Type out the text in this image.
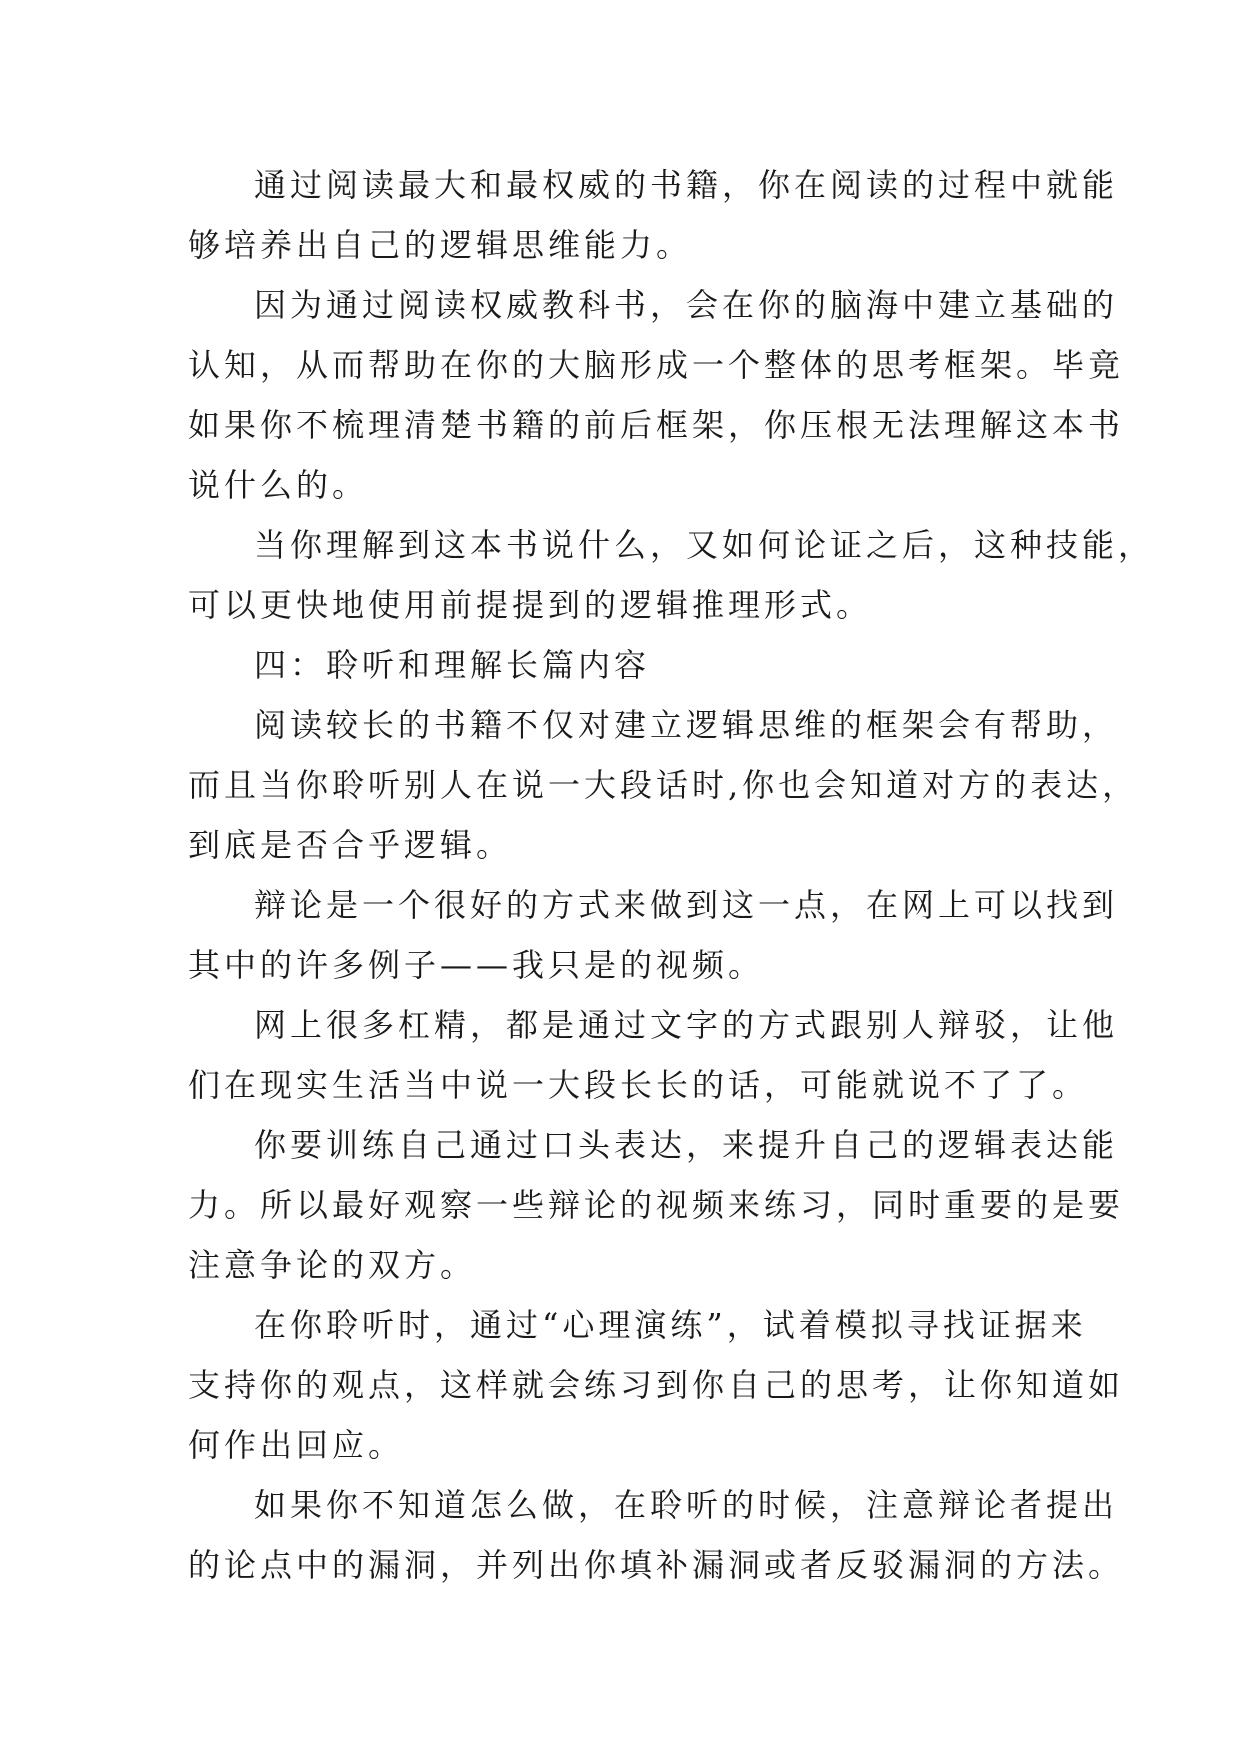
通过阅读最大和最权威的书籍，你在阅读的过程中就能
够培养出自己的逻辑思维能力。

因为通过阅读权威教科书，会在你的脑海中建立基础的
认知，从而帮助在你的大脑形成一个整体的思考框架。毕竟
如果你不梳理清楚书籍的前后框架，你压根无法理解这本书
说什么的。

当你理解到这本书说什么，又如何论证之后，这种技能，
可以更快地使用前提提到的逻辑推理形式。

四：聆听和理解长篇内容

阅读较长的书籍不仅对建立逻辑思维的框架会有帮助，
而且当你聆听别人在说一大段话时,你也会知道对方的表达，
到底是否合乎逻辑。

辩论是一个很好的方式来做到这一点，在网上可以找到
其中的许多例子——我只是的视频。

网上很多杠精，都是通过文字的方式跟别人辩驳，让他
们在现实生活当中说一大段长长的话，可能就说不了了。

你要训练自己通过口头表达，来提升自己的逻辑表达能
力。所以最好观察一些辩论的视频来练习，同时重要的是要
注意争论的双方。

在你聆听时，通过“心理演练”，试着模拟寻找证据来
支持你的观点，这样就会练习到你自己的思考，让你知道如
何作出回应。

如果你不知道怎么做，在聆听的时候，注意辩论者提出
的论点中的漏洞，并列出你填补漏洞或者反驳漏洞的方法。
